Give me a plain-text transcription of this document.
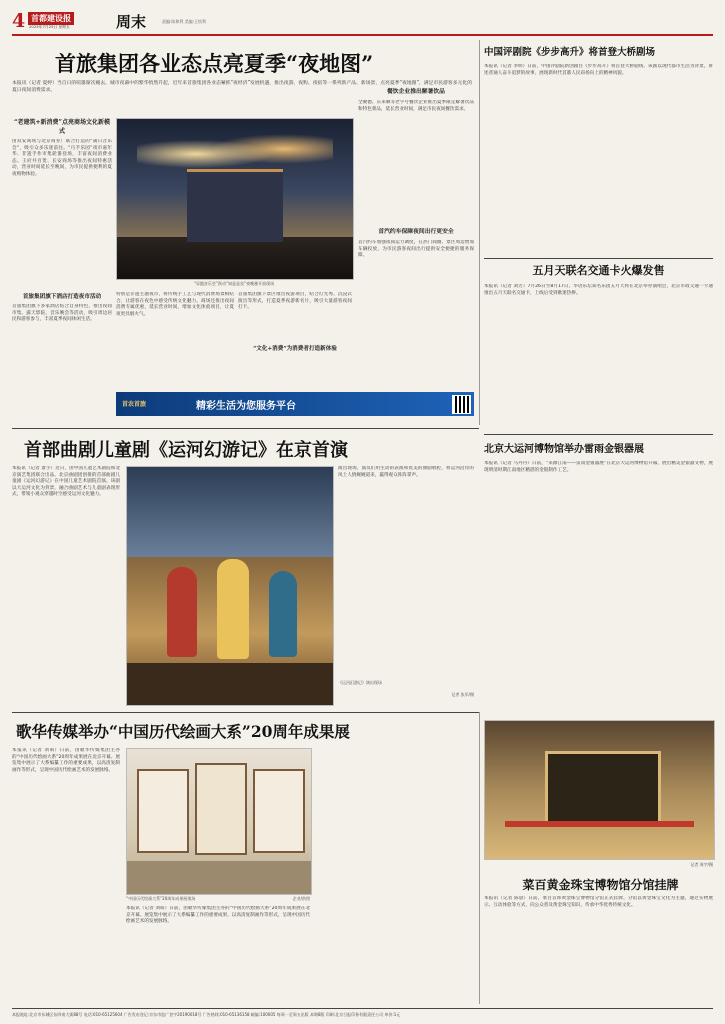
4 首都建设报
2025年7月25日 星期五	周末	责编:陈和利 美编:王钦利
首旅集团各业态点亮夏季“夜地图”
本报讯（记者 夏婷）当自日的喧嚣渐次褪去，城市夜幕中的繁华悄然升起，近年来首旅集团各业态紧抓“夜经济”发展机遇，推出夜游、夜购、夜宿等一系列新产品、新场景，点亮夏季“夜地图”，满足市民游客多元化的夏日夜间消费需求。
“老建筑+新消费”点亮商场文化新模式
由双安商场与北京商业广联合打造的“蒲日音乐会”，吸引众多乐迷前往。“巧手乐园”夜市嘉年华、非遗手作市集轮番登场，丰富夜间消费业态。王府井百货、长安商场等推出夜间特惠活动，营业时间延长至晚间，为市民提供便利的夏夜购物体验。
首旅集团旗下酒店打造夜市活动
首旅集团旗下多家酒店结合自身特色，推出夜间市集、露天影院、音乐晚会等活动，吸引周边居民和游客参与，丰富夏季夜间休闲生活。
“穿越音乐会”跃动“知是是良”夜晚雅开放现场
特别是非遗主题夜市，将传统手工艺与现代消费场景相结合，让游客在夜色中感受传统文化魅力。商场还推出夜间消费专属优惠，延长营业时间，增加文化体验项目，让夏夜更具烟火气。
首旅集团旗下景区推出夜游项目，结合灯光秀、沉浸式演出等形式，打造夏季夜游新名片，吸引大量游客夜间打卡。
“文化+消费”为消费者打造新体验
餐饮企业推出解暑饮品
全聚德、东来顺等老字号餐饮企业推出夏季限定解暑饮品和特色菜品，延长营业时间，满足市民夜间餐饮需求。
首汽约车保障夜间出行更安全
首汽约车加强夜间运力调度，在热门商圈、景区周边增加车辆投放，为市民游客夜间出行提供安全便捷的服务保障。
首农首旅	精彩生活为您服务平台
中国评剧院《步步高升》将首登大桥剧场
本报讯（记者 李明）日前，中国评剧院新创剧目《步步高升》将首登大桥剧场。该剧以现代都市生活为背景，讲述普通人奋斗追梦的故事，展现新时代首都人民昂扬向上的精神风貌。
五月天联名交通卡火爆发售
本报讯（记者 刘芳）7月26日至8月17日，华语乐坛知名乐团五月天将在北京举办演唱会，北京市政交通一卡通推出五月天联名交通卡，上线后受到歌迷热捧。
北京大运河博物馆举办雷雨金银器展
本报讯（记者 马丹丹）日前，“来源江南——雷雨金银器展”在北京大运河博物馆开幕，展出精美金银器文物，展现明清时期江南地区精湛的金银制作工艺。
首部曲剧儿童剧《运河幻游记》在京首演
本报讯（记者 萧小）近日，由中国儿童艺术剧院和北京演艺集团联合出品、北京曲剧团创排的首部曲剧儿童剧《运河幻游记》在中国儿童艺术剧院首演。该剧以大运河文化为背景，融合曲剧艺术与儿童剧表现形式，带领小观众穿越时空感受运河文化魅力。
演出现场，演员们用生动的表演和优美的曲剧唱腔，将运河沿岸的风土人情娓娓道来，赢得观众阵阵掌声。
《运河幻游记》演出现场
记者 张军/摄
歌华传媒举办“中国历代绘画大系”20周年成果展
本报讯（记者 刘萌）日前，由歌华传媒集团主办的“中国历代绘画大系”20周年成果展在北京开幕。展览集中展示了大系编纂工作的重要成果，以高清复制画作等形式，呈现中国历代绘画艺术的发展脉络。
“中国历代绘画大系”20周年成果展现场	企业/供图
本报讯（记者 刘萌）日前，由歌华传媒集团主办的“中国历代绘画大系”20周年成果展在北京开幕。展览集中展示了大系编纂工作的重要成果，以高清复制画作等形式，呈现中国历代绘画艺术的发展脉络。
记者 周宇/摄
菜百黄金珠宝博物馆分馆挂牌
本报讯（记者 陈晨）日前，菜百首饰黄金珠宝博物馆分馆正式挂牌。分馆以黄金珠宝文化为主题，通过实物展示、互动体验等方式，向公众普及黄金珠宝知识，传承中华优秀传统文化。
本报地址:北京市东城区东四南大街88号 电话:010-65125604 广告发布登记:京东市监广登字20190018号 广告热线:010-65136158 邮编:100005 每周一至周五出版 本期8版 印刷:北京日报印务有限责任公司 单价:1元
